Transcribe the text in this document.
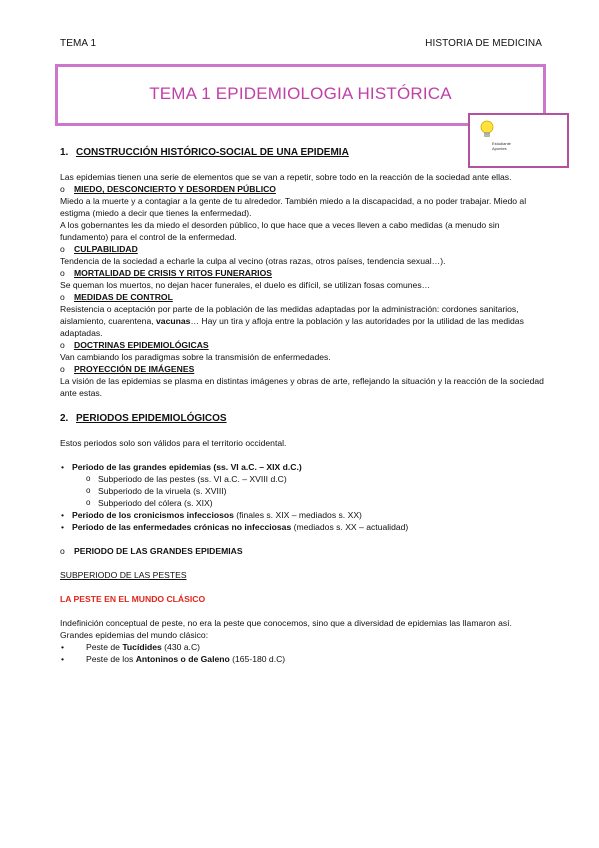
TEMA 1	HISTORIA DE MEDICINA
TEMA 1 EPIDEMIOLOGIA HISTÓRICA
Estudiante
Apuntes
1. CONSTRUCCIÓN HISTÓRICO-SOCIAL DE UNA EPIDEMIA

Las epidemias tienen una serie de elementos que se van a repetir, sobre todo en la reacción de la sociedad ante ellas.

o MIEDO, DESCONCIERTO Y DESORDEN PÚBLICO

Miedo a la muerte y a contagiar a la gente de tu alrededor. También miedo a la discapacidad, a no poder trabajar. Miedo al estigma (miedo a decir que tienes la enfermedad).

A los gobernantes les da miedo el desorden público, lo que hace que a veces lleven a cabo medidas (a menudo sin fundamento) para el control de la enfermedad.

o CULPABILIDAD

Tendencia de la sociedad a echarle la culpa al vecino (otras razas, otros países, tendencia sexual…).

o MORTALIDAD DE CRISIS Y RITOS FUNERARIOS

Se queman los muertos, no dejan hacer funerales, el duelo es difícil, se utilizan fosas comunes…

o MEDIDAS DE CONTROL

Resistencia o aceptación por parte de la población de las medidas adaptadas por la administración: cordones sanitarios, aislamiento, cuarentena, vacunas… Hay un tira y afloja entre la población y las autoridades por la utilidad de las medidas adaptadas.

o DOCTRINAS EPIDEMIOLÓGICAS

Van cambiando los paradigmas sobre la transmisión de enfermedades.

o PROYECCIÓN DE IMÁGENES

La visión de las epidemias se plasma en distintas imágenes y obras de arte, reflejando la situación y la reacción de la sociedad ante estas.

2. PERIODOS EPIDEMIOLÓGICOS

Estos periodos solo son válidos para el territorio occidental.

• Periodo de las grandes epidemias (ss. VI a.C. – XIX d.C.)
o Subperiodo de las pestes (ss. VI a.C. – XVIII d.C)
o Subperiodo de la viruela (s. XVIII)
o Subperiodo del cólera (s. XIX)
• Periodo de los cronicismos infecciosos (finales s. XIX – mediados s. XX)
• Periodo de las enfermedades crónicas no infecciosas (mediados s. XX – actualidad)
o PERIODO DE LAS GRANDES EPIDEMIAS

SUBPERIODO DE LAS PESTES

LA PESTE EN EL MUNDO CLÁSICO

Indefinición conceptual de peste, no era la peste que conocemos, sino que a diversidad de epidemias las llamaron así. Grandes epidemias del mundo clásico:

• Peste de Tucídides (430 a.C)
• Peste de los Antoninos o de Galeno (165-180 d.C)
